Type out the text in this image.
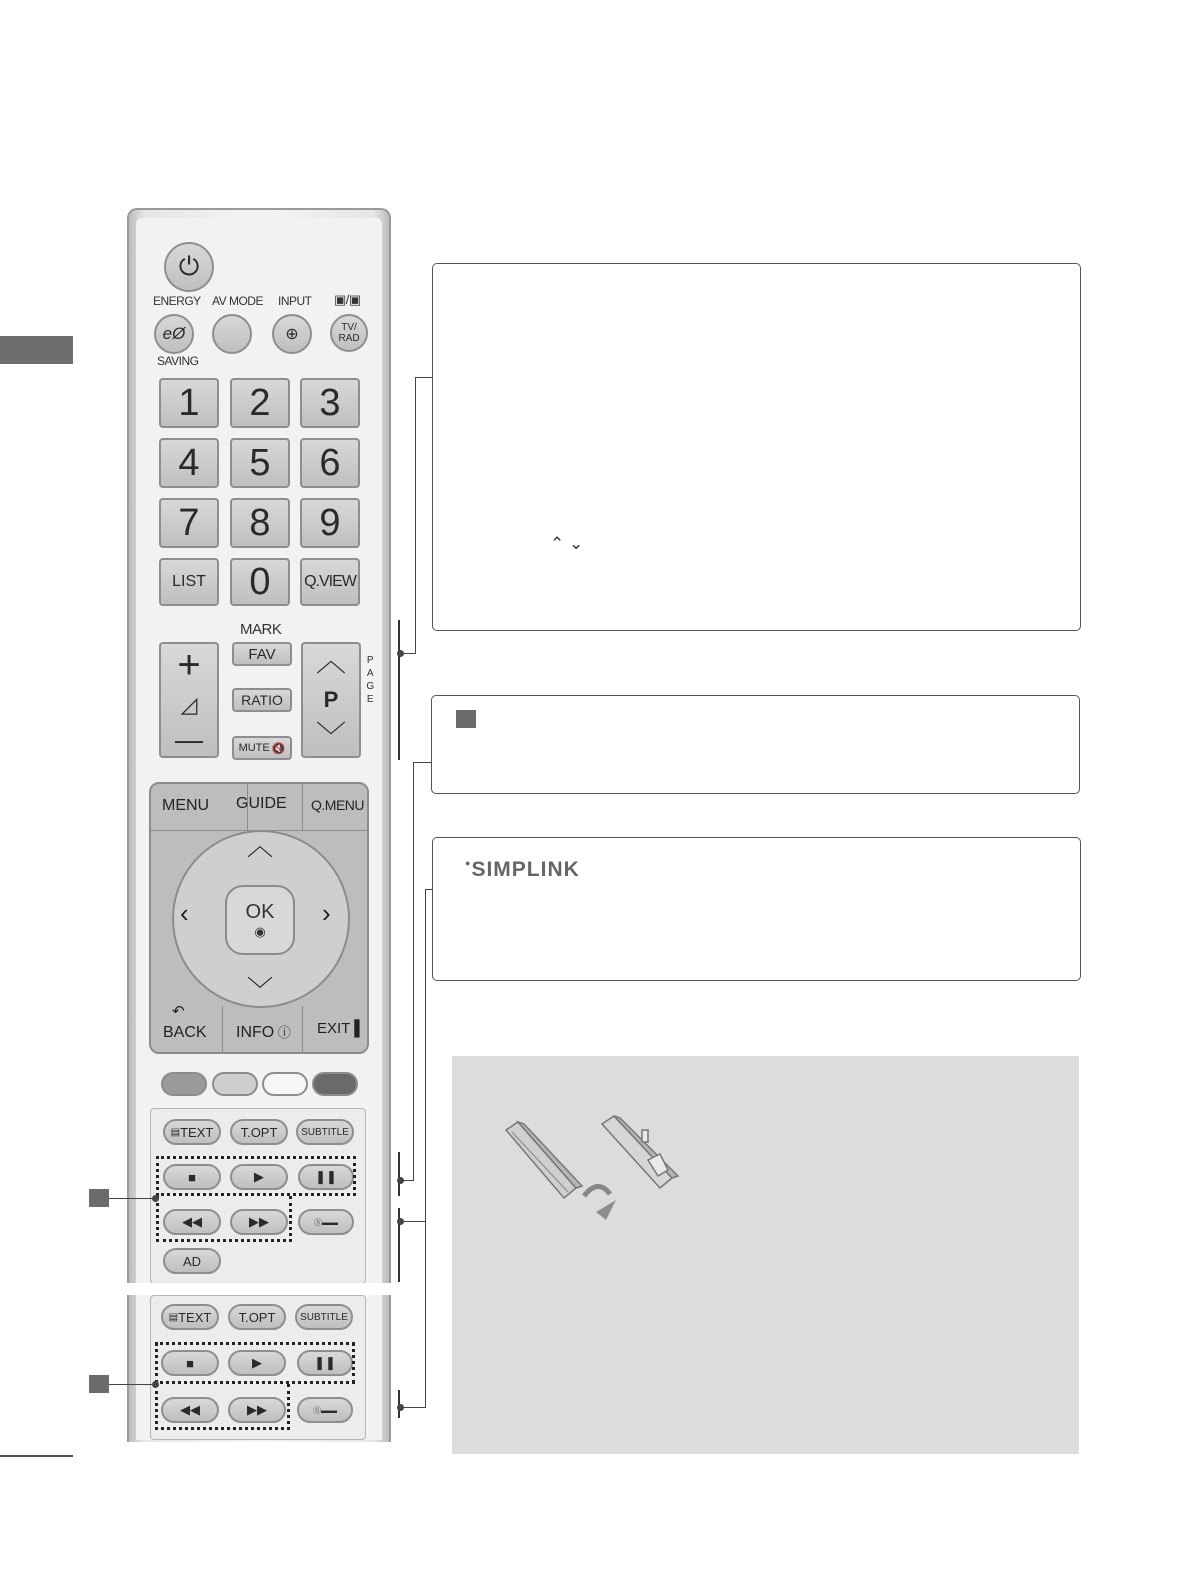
⏻
ENERGY AV MODE INPUT ▣/▣
eØ	⊕	TV/
RAD
SAVING
1	2	3
4	5	6
7	8	9
LIST	0	Q.VIEW
+
◿
—
MARK
FAV
RATIO
MUTE 🔇
︿
P
﹀
PAGE
MENU GUIDE Q.MENU
︿
﹀
‹	›
OK
◉
↶
BACK INFO ⓘ EXIT ▌
▤ TEXT	T.OPT	SUBTITLE
■	▶	❚❚
◀◀	▶▶	Ⓢ▬▬
AD
▤ TEXT	T.OPT	SUBTITLE
■	▶	❚❚
◀◀	▶▶	Ⓢ▬▬
⌃ ⌄
●SIMPLINK
